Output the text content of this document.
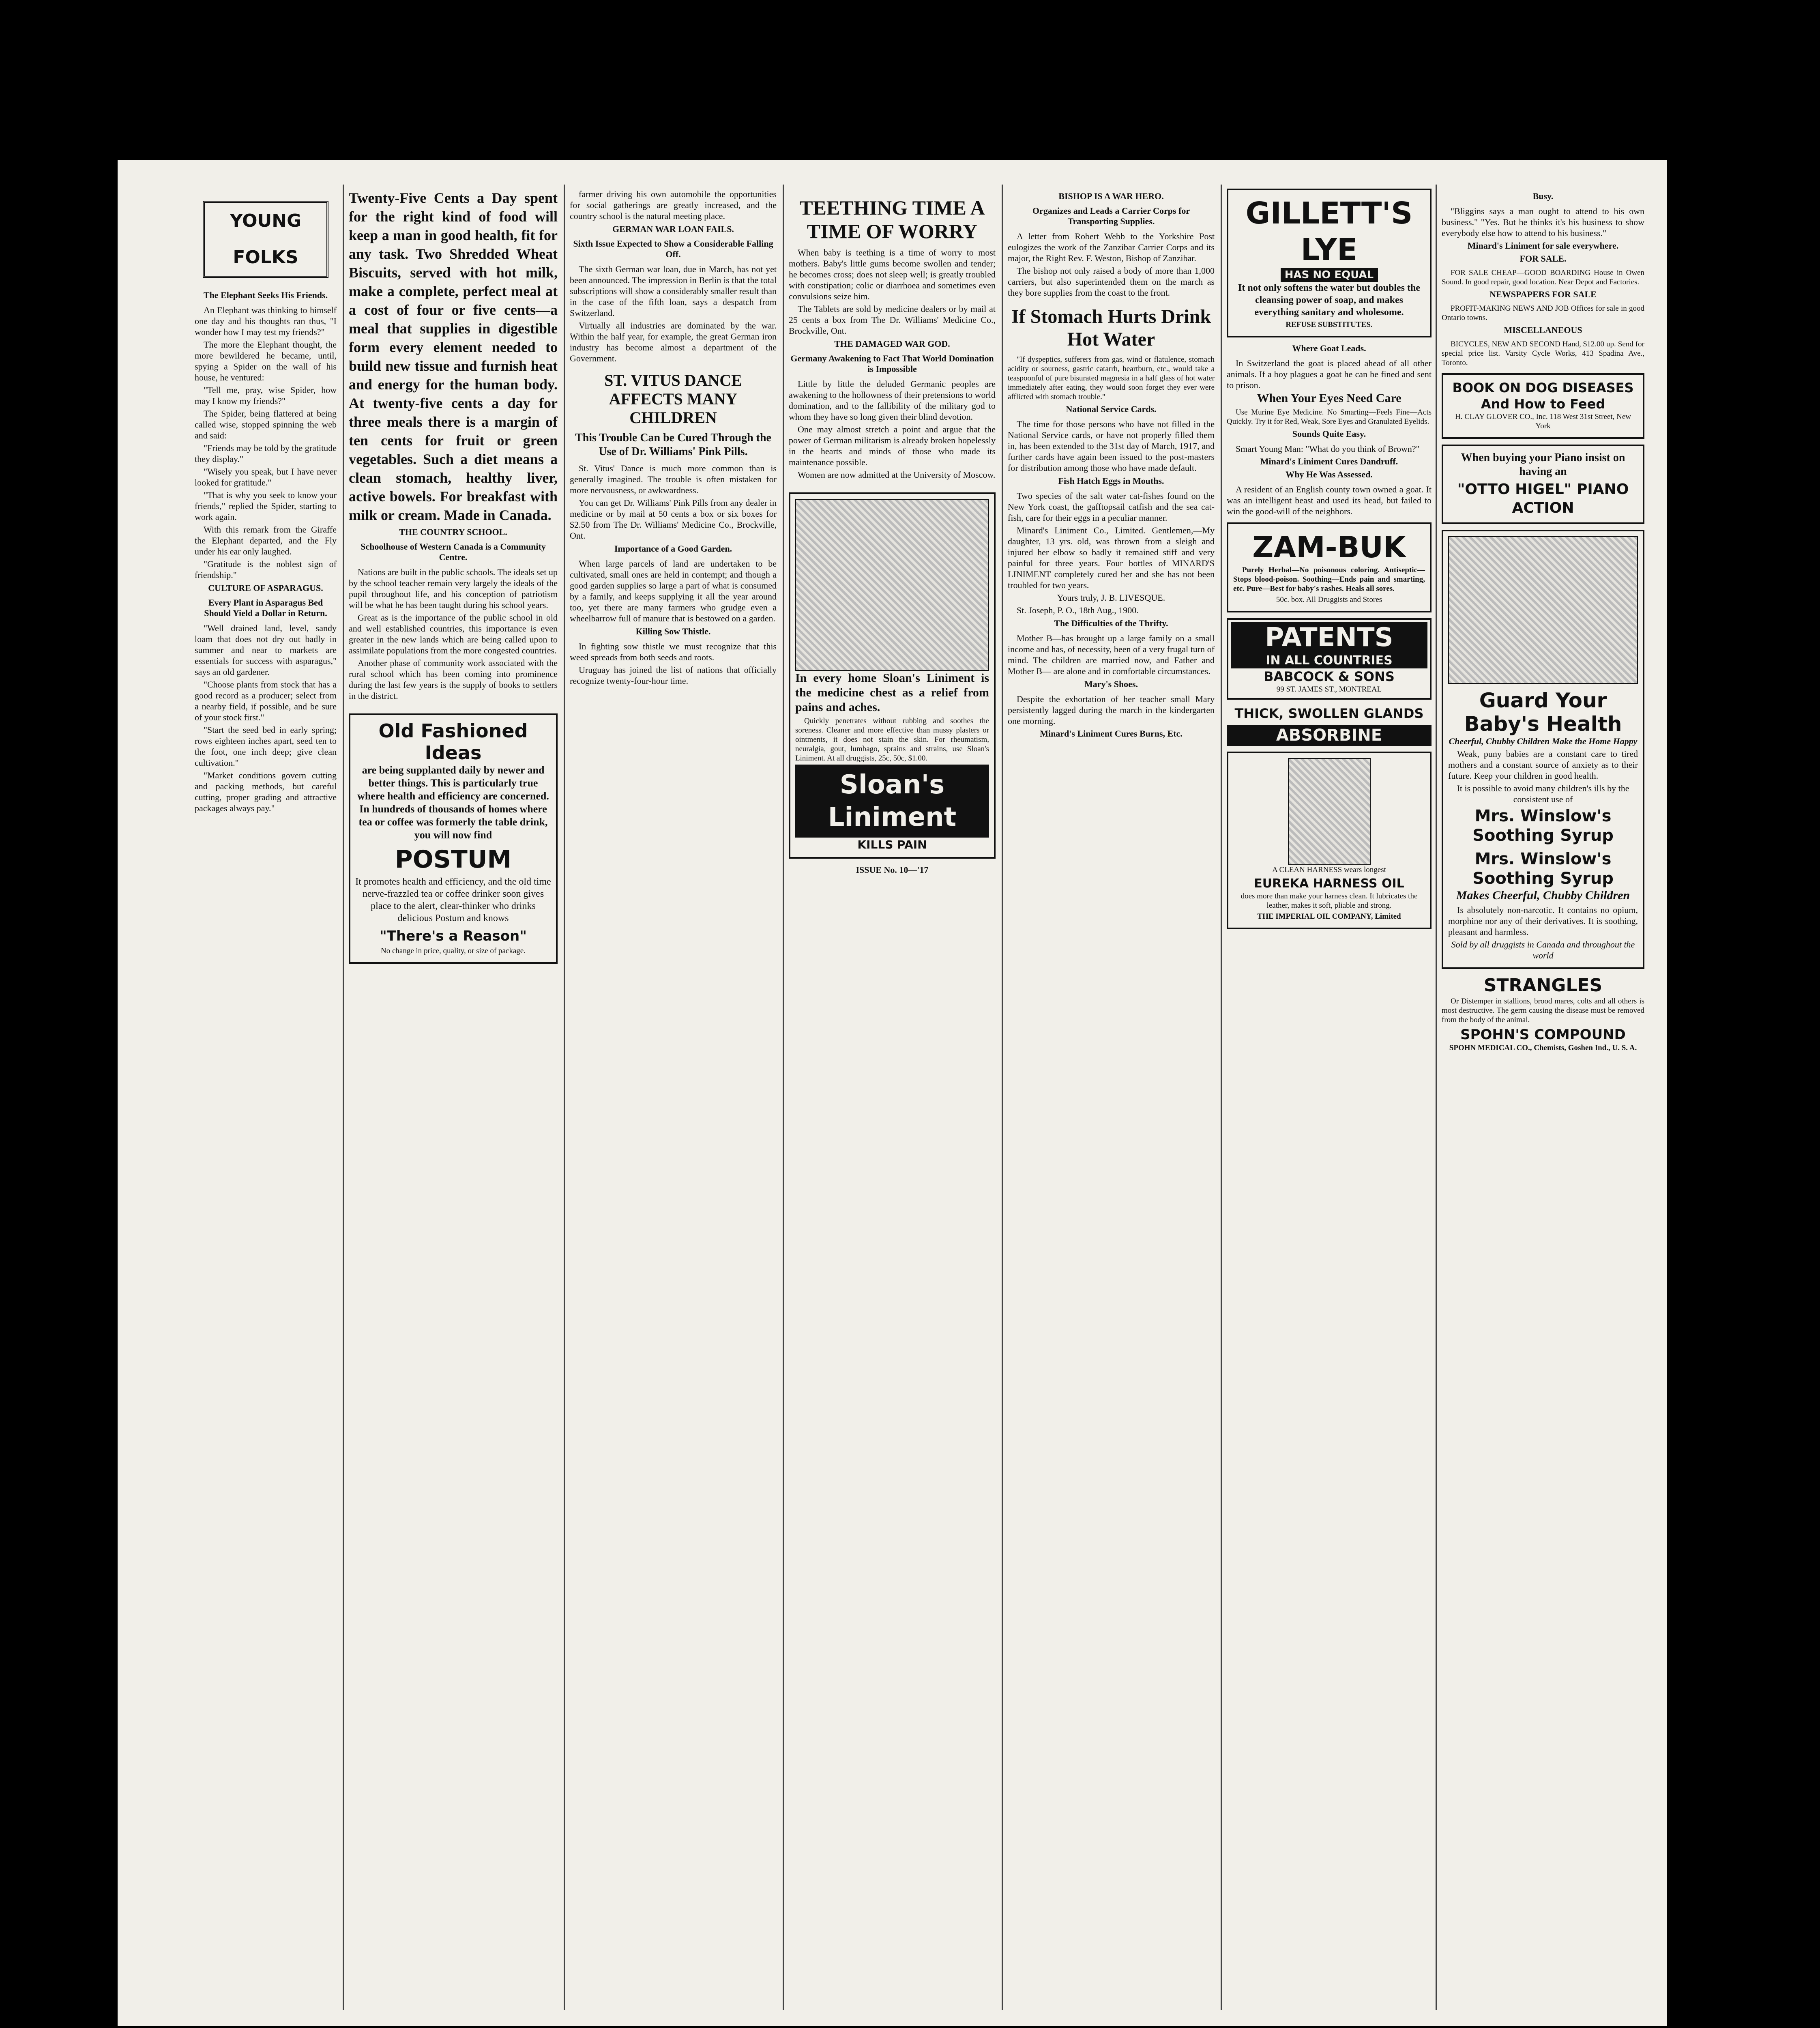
YOUNG FOLKS
The Elephant Seeks His Friends.

An Elephant was thinking to himself one day and his thoughts ran thus, "I wonder how I may test my friends?"

The more the Elephant thought, the more bewildered he became, until, spying a Spider on the wall of his house, he ventured:

"Tell me, pray, wise Spider, how may I know my friends?"

The Spider, being flattered at being called wise, stopped spinning the web and said:

"Friends may be told by the gratitude they display."

"Wisely you speak, but I have never looked for gratitude."

"That is why you seek to know your friends," replied the Spider, starting to work again.

With this remark from the Giraffe the Elephant departed, and the Fly under his ear only laughed.

"Gratitude is the noblest sign of friendship."

CULTURE OF ASPARAGUS.
Every Plant in Asparagus Bed Should Yield a Dollar in Return.

"Well drained land, level, sandy loam that does not dry out badly in summer and near to markets are essentials for success with asparagus," says an old gardener.

"Choose plants from stock that has a good record as a producer; select from a nearby field, if possible, and be sure of your stock first."

"Start the seed bed in early spring; rows eighteen inches apart, seed ten to the foot, one inch deep; give clean cultivation."

"Market conditions govern cutting and packing methods, but careful cutting, proper grading and attractive packages always pay."

Twenty-Five Cents a Day spent for the right kind of food will keep a man in good health, fit for any task. Two Shredded Wheat Biscuits, served with hot milk, make a complete, perfect meal at a cost of four or five cents—a meal that supplies in digestible form every element needed to build new tissue and furnish heat and energy for the human body. At twenty-five cents a day for three meals there is a margin of ten cents for fruit or green vegetables. Such a diet means a clean stomach, healthy liver, active bowels. For breakfast with milk or cream. Made in Canada.

THE COUNTRY SCHOOL.
Schoolhouse of Western Canada is a Community Centre.

Nations are built in the public schools. The ideals set up by the school teacher remain very largely the ideals of the pupil throughout life, and his conception of patriotism will be what he has been taught during his school years.

Great as is the importance of the public school in old and well established countries, this importance is even greater in the new lands which are being called upon to assimilate populations from the more congested countries.

Another phase of community work associated with the rural school which has been coming into prominence during the last few years is the supply of books to settlers in the district.

Old Fashioned Ideas

are being supplanted daily by newer and better things. This is particularly true where health and efficiency are concerned. In hundreds of thousands of homes where tea or coffee was formerly the table drink, you will now find

POSTUM

It promotes health and efficiency, and the old time nerve-frazzled tea or coffee drinker soon gives place to the alert, clear-thinker who drinks delicious Postum and knows

"There's a Reason"

No change in price, quality, or size of package.

farmer driving his own automobile the opportunities for social gatherings are greatly increased, and the country school is the natural meeting place.

GERMAN WAR LOAN FAILS.
Sixth Issue Expected to Show a Considerable Falling Off.

The sixth German war loan, due in March, has not yet been announced. The impression in Berlin is that the total subscriptions will show a considerably smaller result than in the case of the fifth loan, says a despatch from Switzerland.

Virtually all industries are dominated by the war. Within the half year, for example, the great German iron industry has become almost a department of the Government.

ST. VITUS DANCE AFFECTS MANY CHILDREN
This Trouble Can be Cured Through the Use of Dr. Williams' Pink Pills.

St. Vitus' Dance is much more common than is generally imagined. The trouble is often mistaken for more nervousness, or awkwardness.

You can get Dr. Williams' Pink Pills from any dealer in medicine or by mail at 50 cents a box or six boxes for $2.50 from The Dr. Williams' Medicine Co., Brockville, Ont.

Importance of a Good Garden.

When large parcels of land are undertaken to be cultivated, small ones are held in contempt; and though a good garden supplies so large a part of what is consumed by a family, and keeps supplying it all the year around too, yet there are many farmers who grudge even a wheelbarrow full of manure that is bestowed on a garden.

Killing Sow Thistle.

In fighting sow thistle we must recognize that this weed spreads from both seeds and roots.

Uruguay has joined the list of nations that officially recognize twenty-four-hour time.

TEETHING TIME A TIME OF WORRY

When baby is teething is a time of worry to most mothers. Baby's little gums become swollen and tender; he becomes cross; does not sleep well; is greatly troubled with constipation; colic or diarrhoea and sometimes even convulsions seize him.

The Tablets are sold by medicine dealers or by mail at 25 cents a box from The Dr. Williams' Medicine Co., Brockville, Ont.

THE DAMAGED WAR GOD.
Germany Awakening to Fact That World Domination is Impossible

Little by little the deluded Germanic peoples are awakening to the hollowness of their pretensions to world domination, and to the fallibility of the military god to whom they have so long given their blind devotion.

One may almost stretch a point and argue that the power of German militarism is already broken hopelessly in the hearts and minds of those who made its maintenance possible.

Women are now admitted at the University of Moscow.

In every home Sloan's Liniment is the medicine chest as a relief from pains and aches.

Quickly penetrates without rubbing and soothes the soreness. Cleaner and more effective than mussy plasters or ointments, it does not stain the skin. For rheumatism, neuralgia, gout, lumbago, sprains and strains, use Sloan's Liniment. At all druggists, 25c, 50c, $1.00.

Sloan's Liniment
KILLS PAIN

ISSUE No. 10—'17

BISHOP IS A WAR HERO.
Organizes and Leads a Carrier Corps for Transporting Supplies.

A letter from Robert Webb to the Yorkshire Post eulogizes the work of the Zanzibar Carrier Corps and its major, the Right Rev. F. Weston, Bishop of Zanzibar.

The bishop not only raised a body of more than 1,000 carriers, but also superintended them on the march as they bore supplies from the coast to the front.

If Stomach Hurts Drink Hot Water

"If dyspeptics, sufferers from gas, wind or flatulence, stomach acidity or sourness, gastric catarrh, heartburn, etc., would take a teaspoonful of pure bisurated magnesia in a half glass of hot water immediately after eating, they would soon forget they ever were afflicted with stomach trouble."

National Service Cards.

The time for those persons who have not filled in the National Service cards, or have not properly filled them in, has been extended to the 31st day of March, 1917, and further cards have again been issued to the post-masters for distribution among those who have made default.

Fish Hatch Eggs in Mouths.

Two species of the salt water cat-fishes found on the New York coast, the gafftopsail catfish and the sea cat-fish, care for their eggs in a peculiar manner.

Minard's Liniment Co., Limited. Gentlemen,—My daughter, 13 yrs. old, was thrown from a sleigh and injured her elbow so badly it remained stiff and very painful for three years. Four bottles of MINARD'S LINIMENT completely cured her and she has not been troubled for two years.

Yours truly, J. B. LIVESQUE.

St. Joseph, P. O., 18th Aug., 1900.

The Difficulties of the Thrifty.

Mother B—has brought up a large family on a small income and has, of necessity, been of a very frugal turn of mind. The children are married now, and Father and Mother B— are alone and in comfortable circumstances.

Mary's Shoes.

Despite the exhortation of her teacher small Mary persistently lagged during the march in the kindergarten one morning.

Minard's Liniment Cures Burns, Etc.

GILLETT'S LYE
HAS NO EQUAL

It not only softens the water but doubles the cleansing power of soap, and makes everything sanitary and wholesome.

REFUSE SUBSTITUTES.

Where Goat Leads.

In Switzerland the goat is placed ahead of all other animals. If a boy plagues a goat he can be fined and sent to prison.

When Your Eyes Need Care

Use Murine Eye Medicine. No Smarting—Feels Fine—Acts Quickly. Try it for Red, Weak, Sore Eyes and Granulated Eyelids.

Sounds Quite Easy.

Smart Young Man: "What do you think of Brown?"

Minard's Liniment Cures Dandruff.

Why He Was Assessed.

A resident of an English county town owned a goat. It was an intelligent beast and used its head, but failed to win the good-will of the neighbors.

ZAM-BUK

Purely Herbal—No poisonous coloring. Antiseptic—Stops blood-poison. Soothing—Ends pain and smarting, etc. Pure—Best for baby's rashes. Heals all sores.

50c. box. All Druggists and Stores

PATENTS
IN ALL COUNTRIES
BABCOCK & SONS

99 ST. JAMES ST., MONTREAL

THICK, SWOLLEN GLANDS
ABSORBINE

A CLEAN HARNESS wears longest

EUREKA HARNESS OIL

does more than make your harness clean. It lubricates the leather, makes it soft, pliable and strong.

THE IMPERIAL OIL COMPANY, Limited

Busy.

"Bliggins says a man ought to attend to his own business." "Yes. But he thinks it's his business to show everybody else how to attend to his business."

Minard's Liniment for sale everywhere.

FOR SALE.

FOR SALE CHEAP—GOOD BOARDING House in Owen Sound. In good repair, good location. Near Depot and Factories.

NEWSPAPERS FOR SALE

PROFIT-MAKING NEWS AND JOB Offices for sale in good Ontario towns.

MISCELLANEOUS

BICYCLES, NEW AND SECOND Hand, $12.00 up. Send for special price list. Varsity Cycle Works, 413 Spadina Ave., Toronto.

BOOK ON DOG DISEASES And How to Feed

H. CLAY GLOVER CO., Inc. 118 West 31st Street, New York

When buying your Piano insist on having an

"OTTO HIGEL" PIANO ACTION
Guard Your Baby's Health

Cheerful, Chubby Children Make the Home Happy

Weak, puny babies are a constant care to tired mothers and a constant source of anxiety as to their future. Keep your children in good health.

It is possible to avoid many children's ills by the consistent use of

Mrs. Winslow's Soothing Syrup
Mrs. Winslow's Soothing Syrup

Makes Cheerful, Chubby Children

Is absolutely non-narcotic. It contains no opium, morphine nor any of their derivatives. It is soothing, pleasant and harmless.

Sold by all druggists in Canada and throughout the world

STRANGLES

Or Distemper in stallions, brood mares, colts and all others is most destructive. The germ causing the disease must be removed from the body of the animal.

SPOHN'S COMPOUND

SPOHN MEDICAL CO., Chemists, Goshen Ind., U. S. A.
